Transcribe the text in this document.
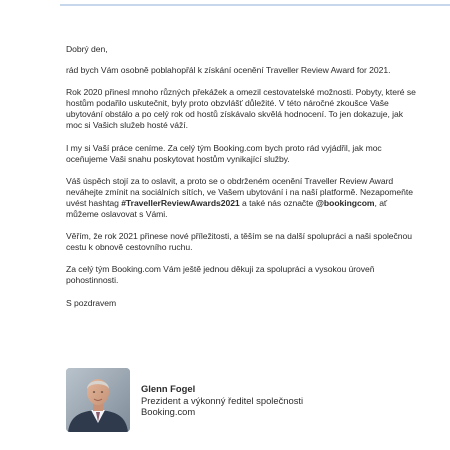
Dobrý den,

rád bych Vám osobně poblahopřál k získání ocenění Traveller Review Award for 2021.

Rok 2020 přinesl mnoho různých překážek a omezil cestovatelské možnosti. Pobyty, které se hostům podařilo uskutečnit, byly proto obzvlášť důležité. V této náročné zkoušce Vaše ubytování obstálo a po celý rok od hostů získávalo skvělá hodnocení. To jen dokazuje, jak moc si Vašich služeb hosté váží.

I my si Vaší práce ceníme. Za celý tým Booking.com bych proto rád vyjádřil, jak moc oceňujeme Vaši snahu poskytovat hostům vynikající služby.

Váš úspěch stojí za to oslavit, a proto se o obdrženém ocenění Traveller Review Award neváhejte zmínit na sociálních sítích, ve Vašem ubytování i na naší platformě. Nezapomeňte uvést hashtag #TravellerReviewAwards2021 a také nás označte @bookingcom, ať můžeme oslavovat s Vámi.

Věřím, že rok 2021 přinese nové příležitosti, a těším se na další spolupráci a naši společnou cestu k obnově cestovního ruchu.

Za celý tým Booking.com Vám ještě jednou děkuji za spolupráci a vysokou úroveň pohostinnosti.

S pozdravem

Glenn Fogel
Prezident a výkonný ředitel společnosti
Booking.com
